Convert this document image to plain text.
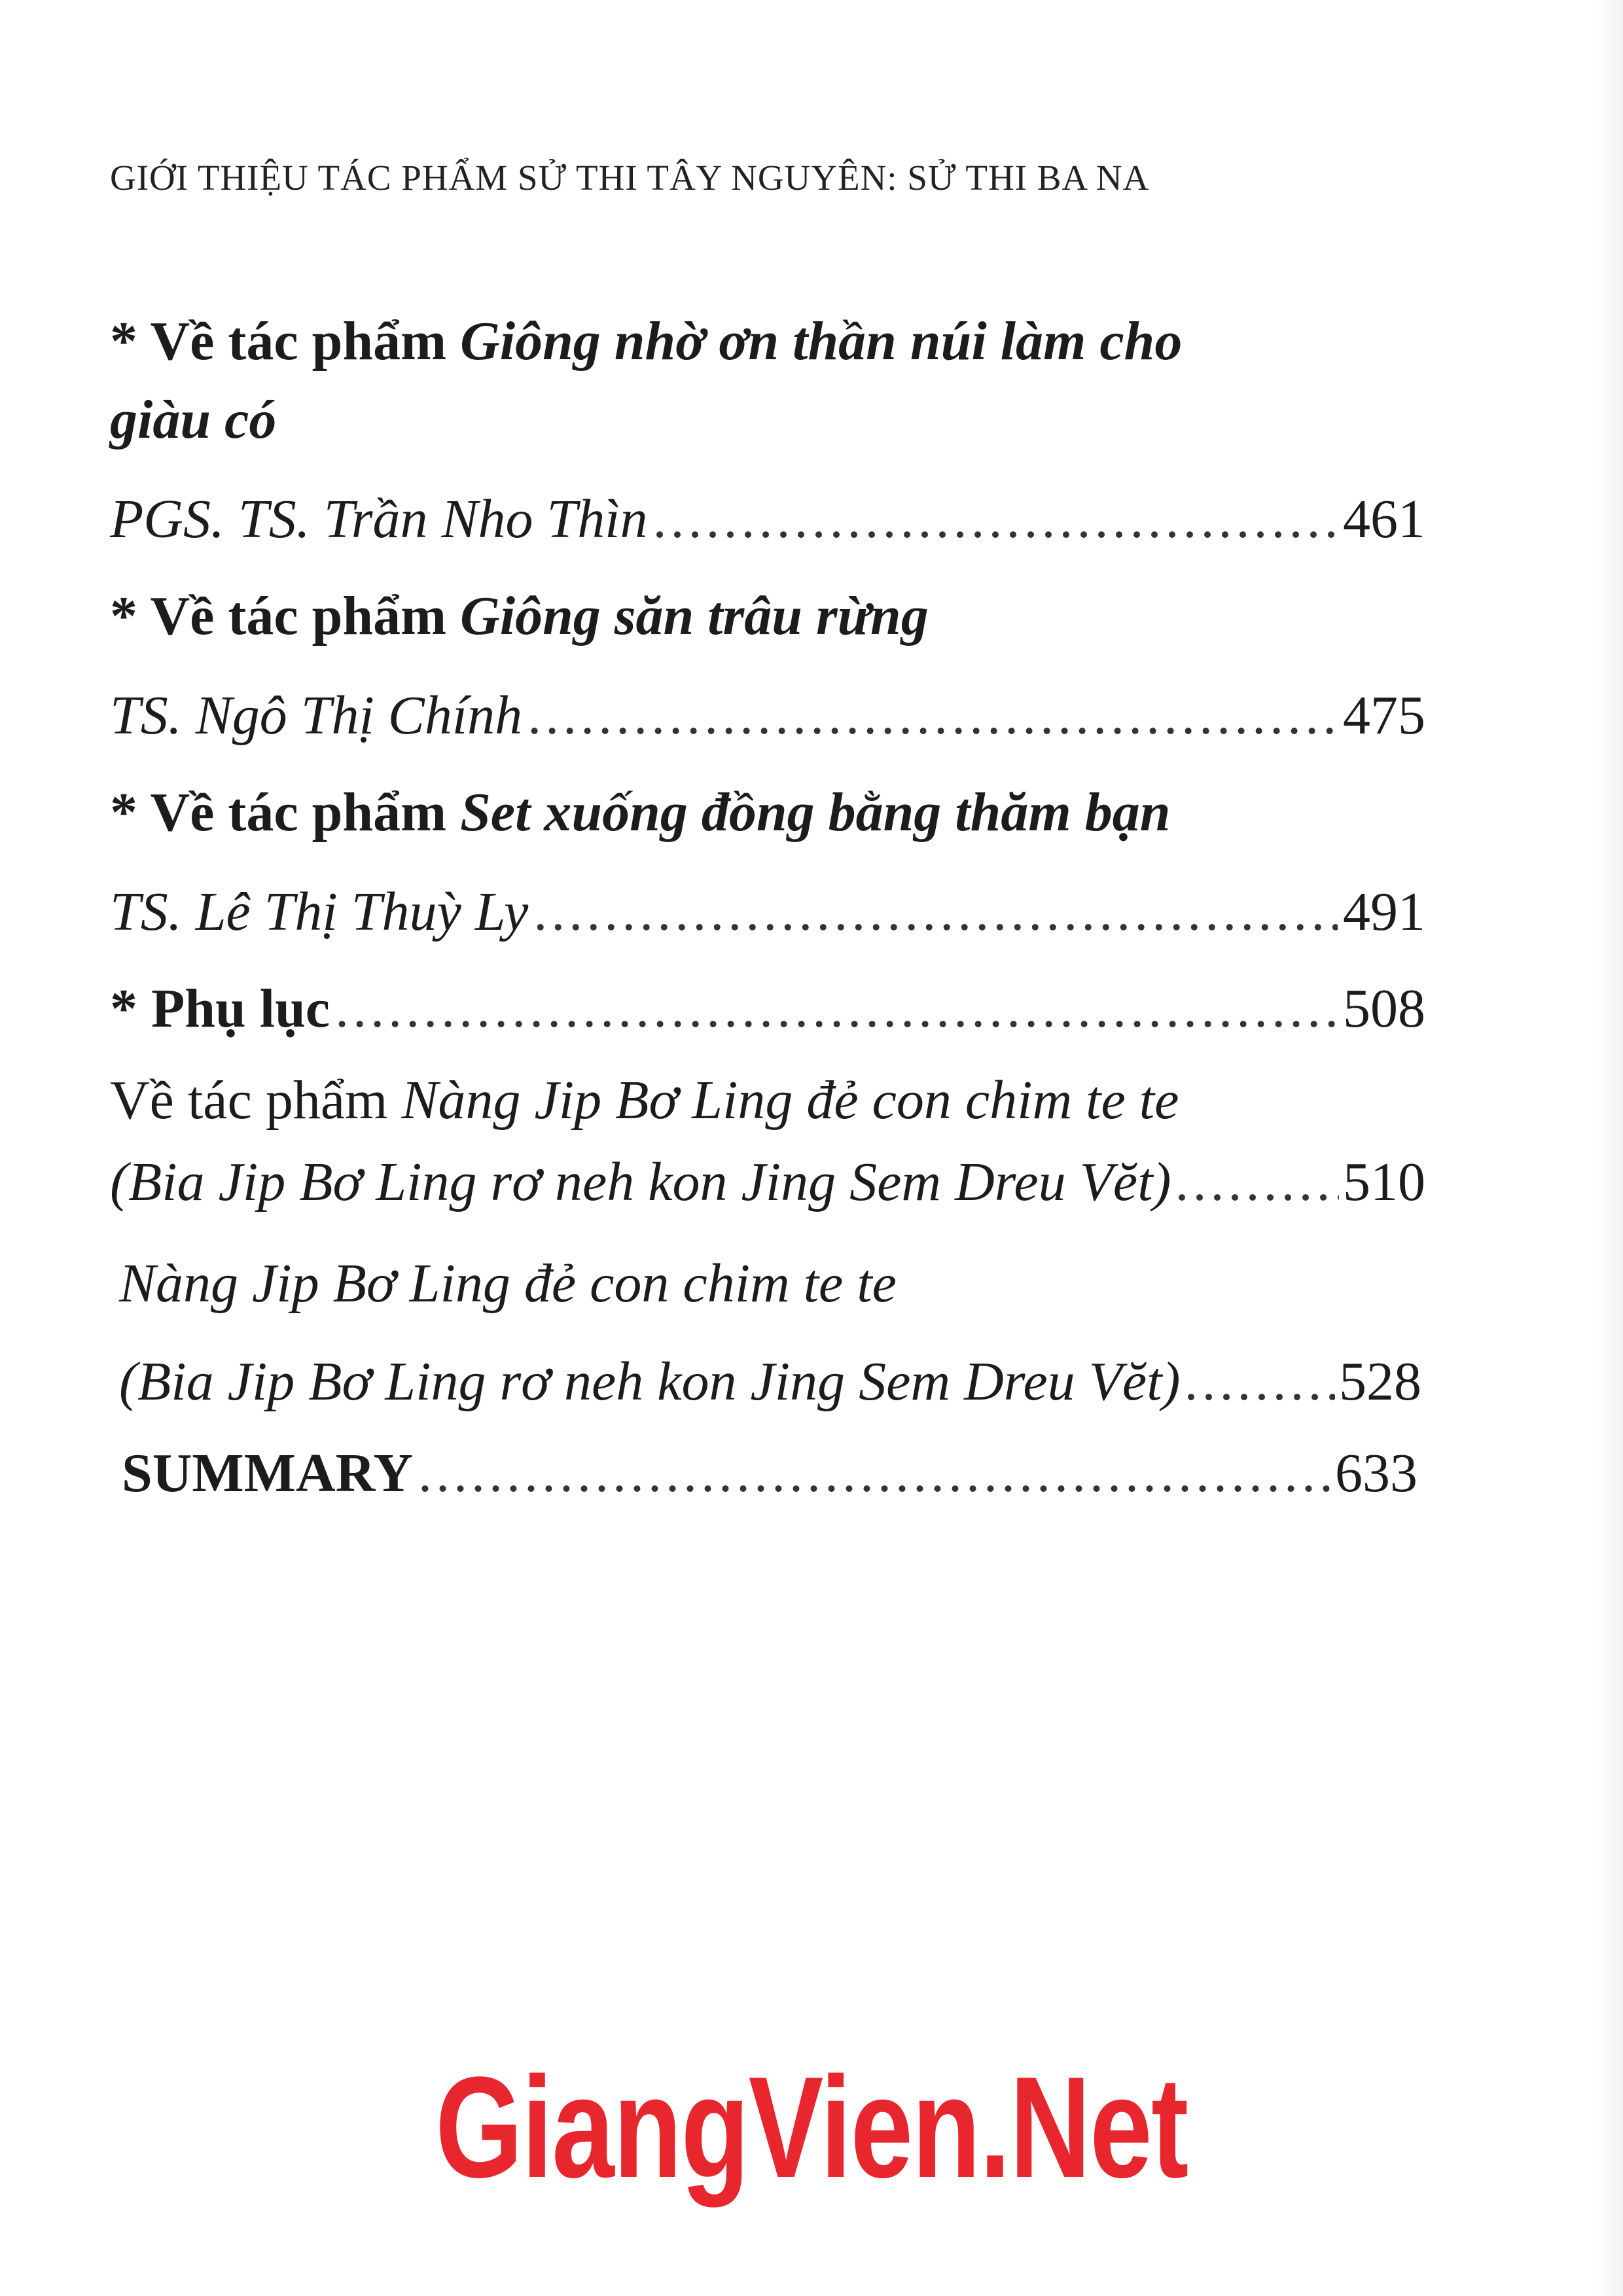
GIỚI THIỆU TÁC PHẨM SỬ THI TÂY NGUYÊN: SỬ THI BA NA
* Về tác phẩm Giông nhờ ơn thần núi làm cho
giàu có
PGS. TS. Trần Nho Thìn .....	461
* Về tác phẩm Giông săn trâu rừng
TS. Ngô Thị Chính .....	475
* Về tác phẩm Set xuống đồng bằng thăm bạn
TS. Lê Thị Thuỳ Ly .....	491
* Phụ lục .....	508
Về tác phẩm Nàng Jip Bơ Ling đẻ con chim te te
(Bia Jip Bơ Ling rơ neh kon Jing Sem Dreu Vĕt) .....	510
Nàng Jip Bơ Ling đẻ con chim te te
(Bia Jip Bơ Ling rơ neh kon Jing Sem Dreu Vĕt) .....	528
SUMMARY .....	633
GiangVien.Net
